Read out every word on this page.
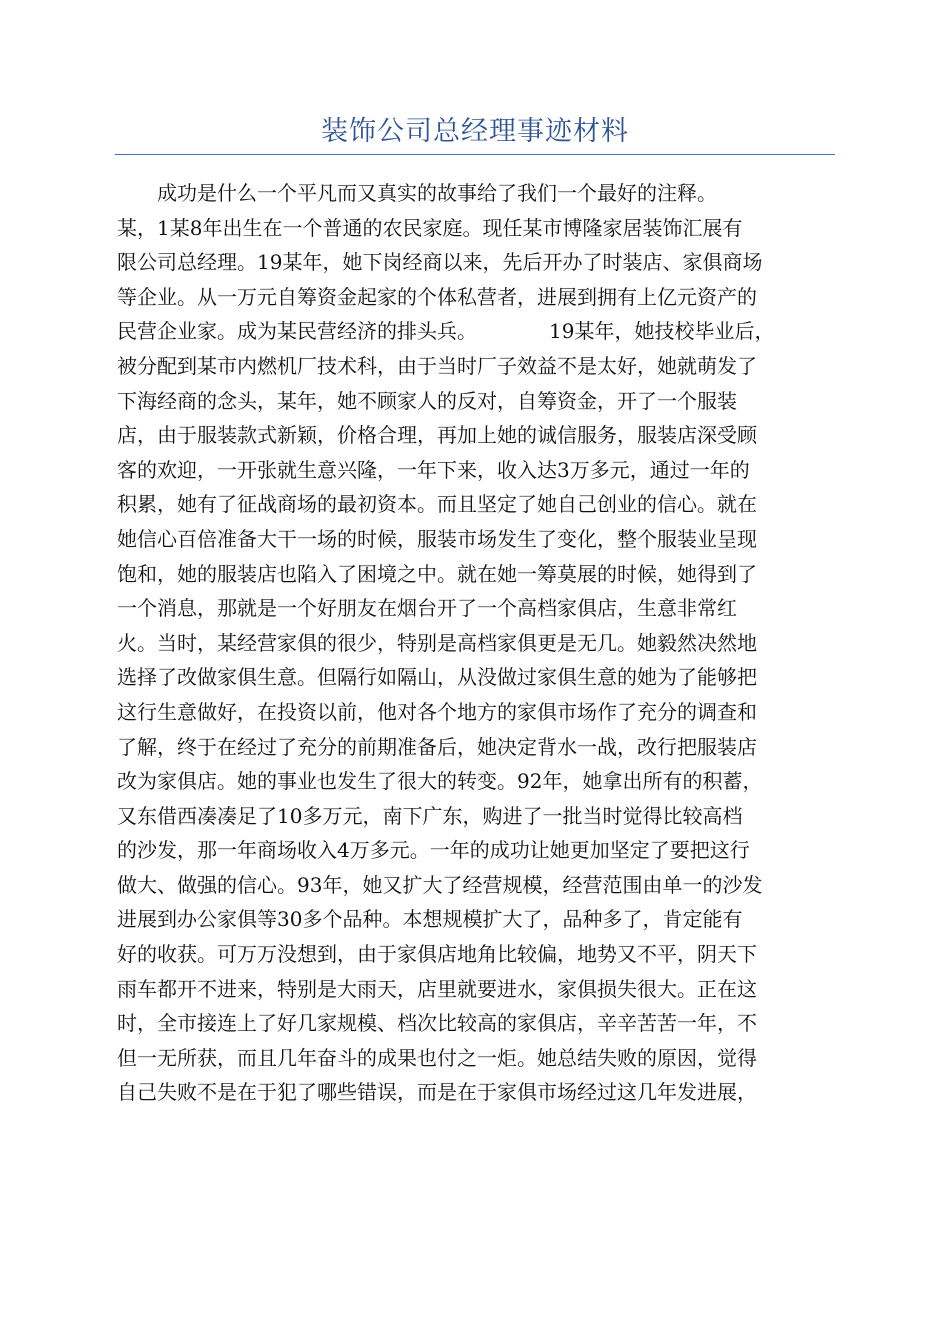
装饰公司总经理事迹材料
成功是什么一个平凡而又真实的故事给了我们一个最好的注释。
某，1某8年出生在一个普通的农民家庭。现任某市博隆家居装饰汇展有
限公司总经理。19某年，她下岗经商以来，先后开办了时装店、家俱商场
等企业。从一万元自筹资金起家的个体私营者，进展到拥有上亿元资产的
民营企业家。成为某民营经济的排头兵。	19某年，她技校毕业后，
被分配到某市内燃机厂技术科，由于当时厂子效益不是太好，她就萌发了
下海经商的念头，某年，她不顾家人的反对，自筹资金，开了一个服装
店，由于服装款式新颖，价格合理，再加上她的诚信服务，服装店深受顾
客的欢迎，一开张就生意兴隆，一年下来，收入达3万多元，通过一年的
积累，她有了征战商场的最初资本。而且坚定了她自己创业的信心。就在
她信心百倍准备大干一场的时候，服装市场发生了变化，整个服装业呈现
饱和，她的服装店也陷入了困境之中。就在她一筹莫展的时候，她得到了
一个消息，那就是一个好朋友在烟台开了一个高档家俱店，生意非常红
火。当时，某经营家俱的很少，特别是高档家俱更是无几。她毅然决然地
选择了改做家俱生意。但隔行如隔山，从没做过家俱生意的她为了能够把
这行生意做好，在投资以前，他对各个地方的家俱市场作了充分的调查和
了解，终于在经过了充分的前期准备后，她决定背水一战，改行把服装店
改为家俱店。她的事业也发生了很大的转变。92年，她拿出所有的积蓄，
又东借西凑凑足了10多万元，南下广东，购进了一批当时觉得比较高档
的沙发，那一年商场收入4万多元。一年的成功让她更加坚定了要把这行
做大、做强的信心。93年，她又扩大了经营规模，经营范围由单一的沙发
进展到办公家俱等30多个品种。本想规模扩大了，品种多了，肯定能有
好的收获。可万万没想到，由于家俱店地角比较偏，地势又不平，阴天下
雨车都开不进来，特别是大雨天，店里就要进水，家俱损失很大。正在这
时，全市接连上了好几家规模、档次比较高的家俱店，辛辛苦苦一年，不
但一无所获，而且几年奋斗的成果也付之一炬。她总结失败的原因，觉得
自己失败不是在于犯了哪些错误，而是在于家俱市场经过这几年发进展，
